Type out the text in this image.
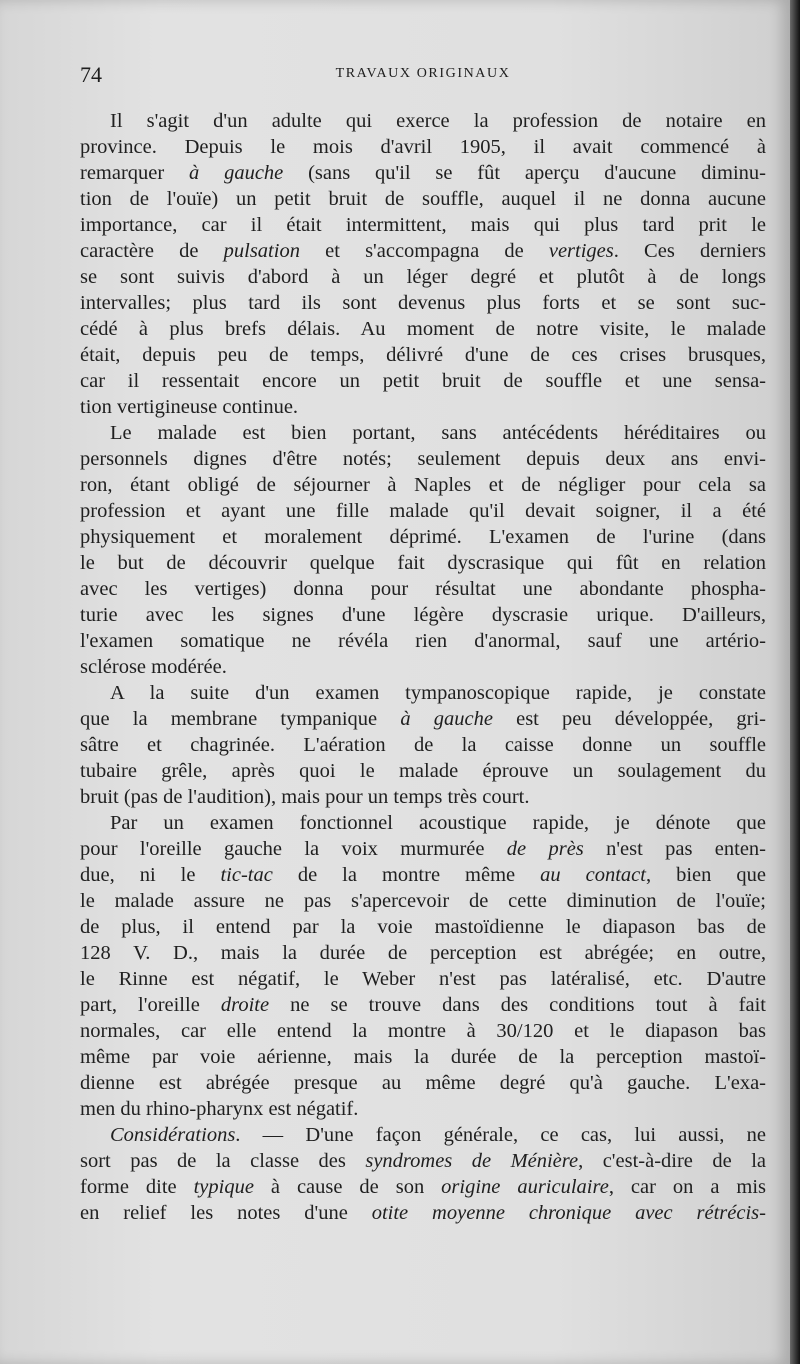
74	TRAVAUX ORIGINAUX
Il s'agit d'un adulte qui exerce la profession de notaire en
province. Depuis le mois d'avril 1905, il avait commencé à
remarquer à gauche (sans qu'il se fût aperçu d'aucune diminu-
tion de l'ouïe) un petit bruit de souffle, auquel il ne donna aucune
importance, car il était intermittent, mais qui plus tard prit le
caractère de pulsation et s'accompagna de vertiges. Ces derniers
se sont suivis d'abord à un léger degré et plutôt à de longs
intervalles; plus tard ils sont devenus plus forts et se sont suc-
cédé à plus brefs délais. Au moment de notre visite, le malade
était, depuis peu de temps, délivré d'une de ces crises brusques,
car il ressentait encore un petit bruit de souffle et une sensa-
tion vertigineuse continue.
Le malade est bien portant, sans antécédents héréditaires ou
personnels dignes d'être notés; seulement depuis deux ans envi-
ron, étant obligé de séjourner à Naples et de négliger pour cela sa
profession et ayant une fille malade qu'il devait soigner, il a été
physiquement et moralement déprimé. L'examen de l'urine (dans
le but de découvrir quelque fait dyscrasique qui fût en relation
avec les vertiges) donna pour résultat une abondante phospha-
turie avec les signes d'une légère dyscrasie urique. D'ailleurs,
l'examen somatique ne révéla rien d'anormal, sauf une artério-
sclérose modérée.
A la suite d'un examen tympanoscopique rapide, je constate
que la membrane tympanique à gauche est peu développée, gri-
sâtre et chagrinée. L'aération de la caisse donne un souffle
tubaire grêle, après quoi le malade éprouve un soulagement du
bruit (pas de l'audition), mais pour un temps très court.
Par un examen fonctionnel acoustique rapide, je dénote que
pour l'oreille gauche la voix murmurée de près n'est pas enten-
due, ni le tic-tac de la montre même au contact, bien que
le malade assure ne pas s'apercevoir de cette diminution de l'ouïe;
de plus, il entend par la voie mastoïdienne le diapason bas de
128 V. D., mais la durée de perception est abrégée; en outre,
le Rinne est négatif, le Weber n'est pas latéralisé, etc. D'autre
part, l'oreille droite ne se trouve dans des conditions tout à fait
normales, car elle entend la montre à 30/120 et le diapason bas
même par voie aérienne, mais la durée de la perception mastoï-
dienne est abrégée presque au même degré qu'à gauche. L'exa-
men du rhino-pharynx est négatif.
Considérations. — D'une façon générale, ce cas, lui aussi, ne
sort pas de la classe des syndromes de Ménière, c'est-à-dire de la
forme dite typique à cause de son origine auriculaire, car on a mis
en relief les notes d'une otite moyenne chronique avec rétrécis-
